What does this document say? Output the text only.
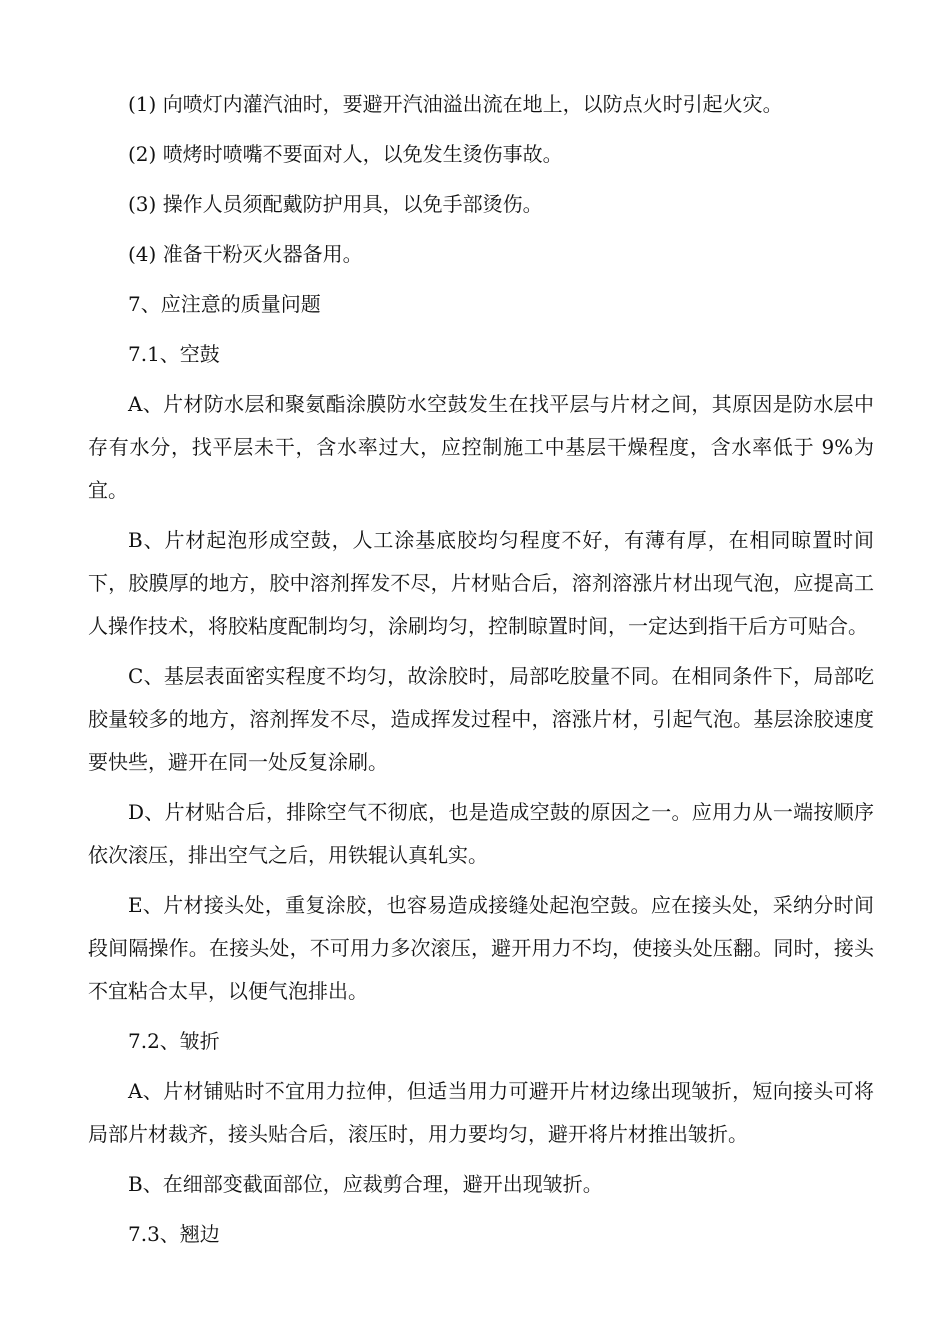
(1) 向喷灯内灌汽油时，要避开汽油溢出流在地上，以防点火时引起火灾。

(2) 喷烤时喷嘴不要面对人，以免发生烫伤事故。

(3) 操作人员须配戴防护用具，以免手部烫伤。

(4) 准备干粉灭火器备用。

7、应注意的质量问题

7.1、空鼓

A、片材防水层和聚氨酯涂膜防水空鼓发生在找平层与片材之间，其原因是防水层中存有水分，找平层未干，含水率过大，应控制施工中基层干燥程度，含水率低于 9%为宜。

B、片材起泡形成空鼓，人工涂基底胶均匀程度不好，有薄有厚，在相同晾置时间下，胶膜厚的地方，胶中溶剂挥发不尽，片材贴合后，溶剂溶涨片材出现气泡，应提高工人操作技术，将胶粘度配制均匀，涂刷均匀，控制晾置时间，一定达到指干后方可贴合。

C、基层表面密实程度不均匀，故涂胶时，局部吃胶量不同。在相同条件下，局部吃胶量较多的地方，溶剂挥发不尽，造成挥发过程中，溶涨片材，引起气泡。基层涂胶速度要快些，避开在同一处反复涂刷。

D、片材贴合后，排除空气不彻底，也是造成空鼓的原因之一。应用力从一端按顺序依次滚压，排出空气之后，用铁辊认真轧实。

E、片材接头处，重复涂胶，也容易造成接缝处起泡空鼓。应在接头处，采纳分时间段间隔操作。在接头处，不可用力多次滚压，避开用力不均，使接头处压翻。同时，接头不宜粘合太早，以便气泡排出。

7.2、皱折

A、片材铺贴时不宜用力拉伸，但适当用力可避开片材边缘出现皱折，短向接头可将局部片材裁齐，接头贴合后，滚压时，用力要均匀，避开将片材推出皱折。

B、在细部变截面部位，应裁剪合理，避开出现皱折。

7.3、翘边
